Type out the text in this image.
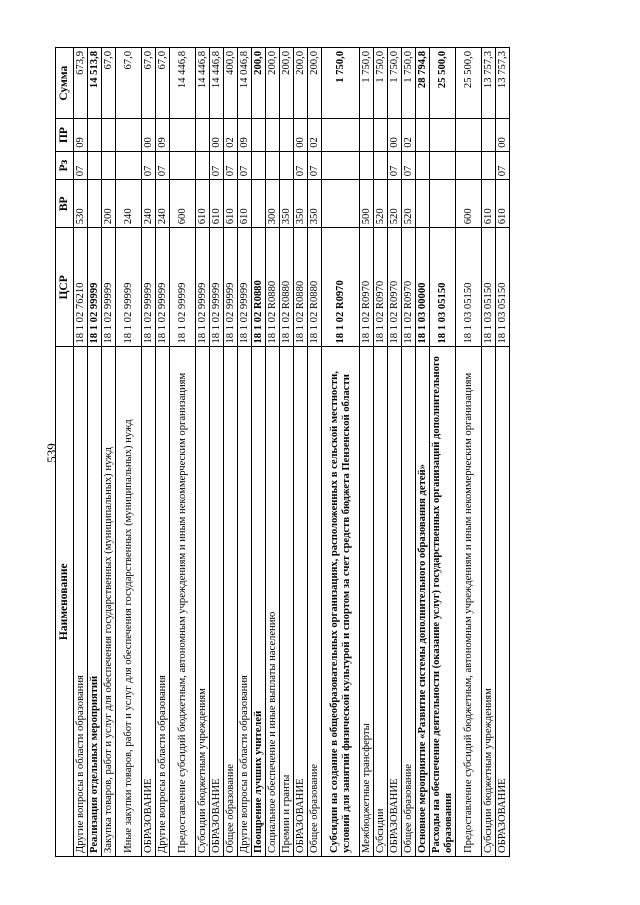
539
Наименование	ЦСР	ВР	Рз	ПР	Сумма
Другие вопросы в области образования	18 1 02 76210	530	07	09	673,9
Реализация отдельных мероприятий	18 1 02 99999				14 513,8
Закупка товаров, работ и услуг для обеспечения государственных (муниципальных) нужд	18 1 02 99999	200			67,0
Иные закупки товаров, работ и услуг для обеспечения государственных (муниципальных) нужд	18 1 02 99999	240			67,0
ОБРАЗОВАНИЕ	18 1 02 99999	240	07	00	67,0
Другие вопросы в области образования	18 1 02 99999	240	07	09	67,0
Предоставление субсидий бюджетным, автономным учреждениям и иным некоммерческим организациям	18 1 02 99999	600			14 446,8
Субсидии бюджетным учреждениям	18 1 02 99999	610			14 446,8
ОБРАЗОВАНИЕ	18 1 02 99999	610	07	00	14 446,8
Общее образование	18 1 02 99999	610	07	02	400,0
Другие вопросы в области образования	18 1 02 99999	610	07	09	14 046,8
Поощрение лучших учителей	18 1 02 R0880				200,0
Социальное обеспечение и иные выплаты населению	18 1 02 R0880	300			200,0
Премии и гранты	18 1 02 R0880	350			200,0
ОБРАЗОВАНИЕ	18 1 02 R0880	350	07	00	200,0
Общее образование	18 1 02 R0880	350	07	02	200,0
Субсидии на создание в общеобразовательных организациях, расположенных в сельской местности, условий для занятий физической культурой и спортом за счет средств бюджета Пензенской области	18 1 02 R0970				1 750,0
Межбюджетные трансферты	18 1 02 R0970	500			1 750,0
Субсидии	18 1 02 R0970	520			1 750,0
ОБРАЗОВАНИЕ	18 1 02 R0970	520	07	00	1 750,0
Общее образование	18 1 02 R0970	520	07	02	1 750,0
Основное мероприятие «Развитие системы дополнительного образования детей»	18 1 03 00000				28 794,8
Расходы на обеспечение деятельности (оказание услуг) государственных организаций дополнительного образования	18 1 03 05150				25 500,0
Предоставление субсидий бюджетным, автономным учреждениям и иным некоммерческим организациям	18 1 03 05150	600			25 500,0
Субсидии бюджетным учреждениям	18 1 03 05150	610			13 757,3
ОБРАЗОВАНИЕ	18 1 03 05150	610	07	00	13 757,3
